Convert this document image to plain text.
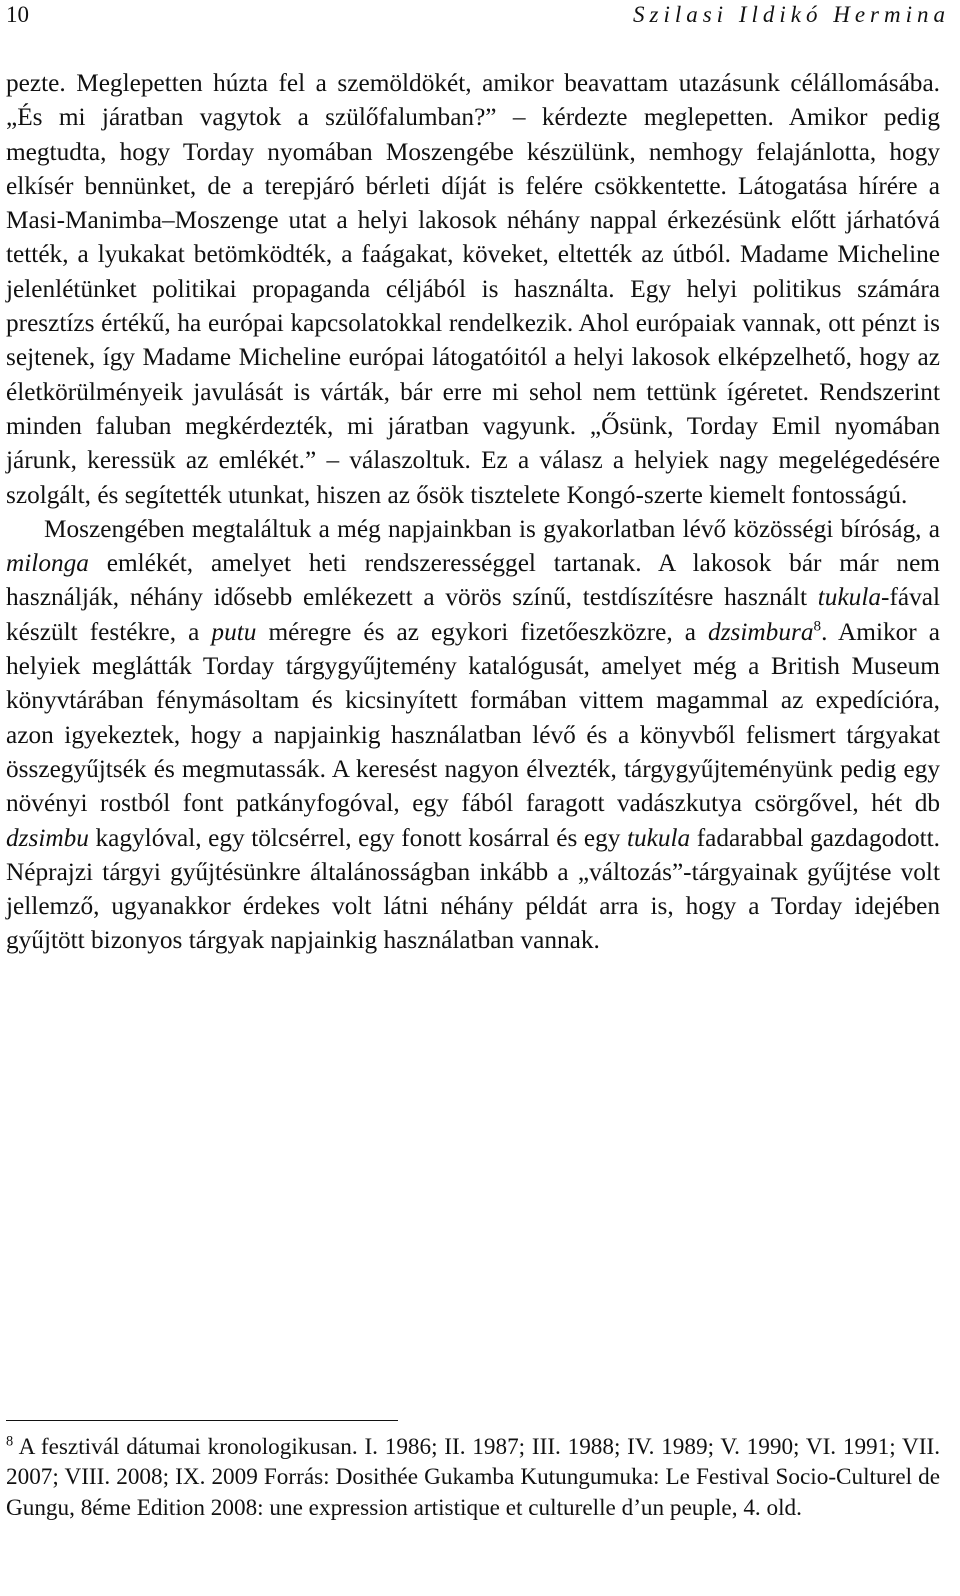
10	Szilasi Ildikó Hermina

pezte. Meglepetten húzta fel a szemöldökét, amikor beavattam utazásunk célállomásába. „És mi járatban vagytok a szülőfalumban?” – kérdezte meglepetten. Amikor pedig megtudta, hogy Torday nyomában Moszengébe készülünk, nemhogy felajánlotta, hogy elkísér bennünket, de a terepjáró bérleti díját is felére csökkentette. Látogatása hírére a Masi-Manimba–Moszenge utat a helyi lakosok néhány nappal érkezésünk előtt járhatóvá tették, a lyukakat betömködték, a faágakat, köveket, eltették az útból. Madame Micheline jelenlétünket politikai propaganda céljából is használta. Egy helyi politikus számára presztízs értékű, ha európai kapcsolatokkal rendelkezik. Ahol európaiak vannak, ott pénzt is sejtenek, így Madame Micheline európai látogatóitól a helyi lakosok elképzelhető, hogy az életkörülményeik javulását is várták, bár erre mi sehol nem tettünk ígéretet. Rendszerint minden faluban megkérdezték, mi járatban vagyunk. „Ősünk, Torday Emil nyomában járunk, keressük az emlékét.” – válaszoltuk. Ez a válasz a helyiek nagy megelégedésére szolgált, és segítették utunkat, hiszen az ősök tisztelete Kongó-szerte kiemelt fontosságú.

Moszengében megtaláltuk a még napjainkban is gyakorlatban lévő közösségi bíróság, a milonga emlékét, amelyet heti rendszerességgel tartanak. A lakosok bár már nem használják, néhány idősebb emlékezett a vörös színű, testdíszítésre használt tukula-fával készült festékre, a putu méregre és az egykori fizetőeszközre, a dzsimbura$^8$. Amikor a helyiek meglátták Torday tárgygyűjtemény katalógusát, amelyet még a British Museum könyvtárában fénymásoltam és kicsinyített formában vittem magammal az expedícióra, azon igyekeztek, hogy a napjainkig használatban lévő és a könyvből felismert tárgyakat összegyűjtsék és megmutassák. A keresést nagyon élvezték, tárgygyűjteményünk pedig egy növényi rostból font patkányfogóval, egy fából faragott vadászkutya csörgővel, hét db dzsimbu kagylóval, egy tölcsérrel, egy fonott kosárral és egy tukula fadarabbal gazdagodott. Néprajzi tárgyi gyűjtésünkre általánosságban inkább a „változás”-tárgyainak gyűjtése volt jellemző, ugyanakkor érdekes volt látni néhány példát arra is, hogy a Torday idejében gyűjtött bizonyos tárgyak napjainkig használatban vannak.

$^8$ A fesztivál dátumai kronologikusan. I. 1986; II. 1987; III. 1988; IV. 1989; V. 1990; VI. 1991; VII. 2007; VIII. 2008; IX. 2009 Forrás: Dosithée Gukamba Kutungumuka: Le Festival Socio-Culturel de Gungu, 8éme Edition 2008: une expression artistique et culturelle d’un peuple, 4. old.
